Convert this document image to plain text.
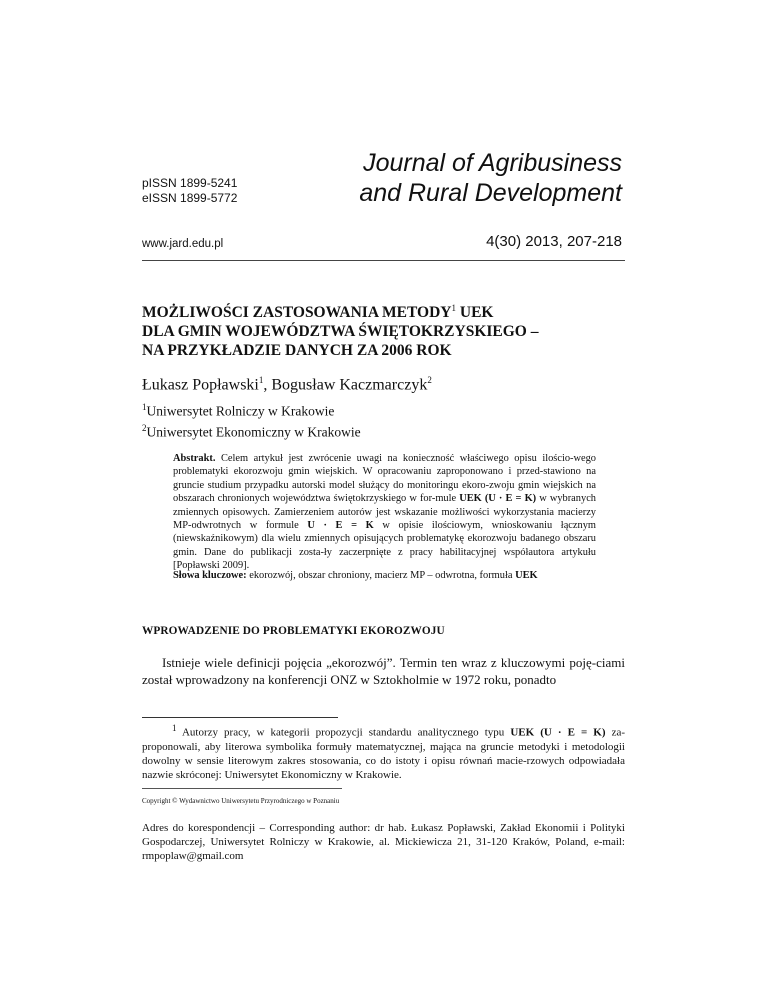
pISSN 1899-5241
eISSN 1899-5772
Journal of Agribusiness
and Rural Development
www.jard.edu.pl	4(30) 2013, 207-218
MOŻLIWOŚCI ZASTOSOWANIA METODY$^1$ UEK
DLA GMIN WOJEWÓDZTWA ŚWIĘTOKRZYSKIEGO –
NA PRZYKŁADZIE DANYCH ZA 2006 ROK
Łukasz Popławski$^1$, Bogusław Kaczmarczyk$^2$
$^1$Uniwersytet Rolniczy w Krakowie
$^2$Uniwersytet Ekonomiczny w Krakowie
Abstrakt. Celem artykuł jest zwrócenie uwagi na konieczność właściwego opisu ilościo-wego problematyki ekorozwoju gmin wiejskich. W opracowaniu zaproponowano i przed-stawiono na gruncie studium przypadku autorski model służący do monitoringu ekoro-zwoju gmin wiejskich na obszarach chronionych województwa świętokrzyskiego w for-mule UEK (U · E = K) w wybranych zmiennych opisowych. Zamierzeniem autorów jest wskazanie możliwości wykorzystania macierzy MP-odwrotnych w formule U · E = K w opisie ilościowym, wnioskowaniu łącznym (niewskaźnikowym) dla wielu zmiennych opisujących problematykę ekorozwoju badanego obszaru gmin. Dane do publikacji zosta-ły zaczerpnięte z pracy habilitacyjnej współautora artykułu [Popławski 2009].
Słowa kluczowe: ekorozwój, obszar chroniony, macierz MP – odwrotna, formuła UEK
WPROWADZENIE DO PROBLEMATYKI EKOROZWOJU
Istnieje wiele definicji pojęcia „ekorozwój”. Termin ten wraz z kluczowymi poję-ciami został wprowadzony na konferencji ONZ w Sztokholmie w 1972 roku, ponadto
$^1$ Autorzy pracy, w kategorii propozycji standardu analitycznego typu UEK (U · E = K) za-proponowali, aby literowa symbolika formuły matematycznej, mająca na gruncie metodyki i metodologii dowolny w sensie literowym zakres stosowania, co do istoty i opisu równań macie-rzowych odpowiadała nazwie skróconej: Uniwersytet Ekonomiczny w Krakowie.
Copyright © Wydawnictwo Uniwersytetu Przyrodniczego w Poznaniu
Adres do korespondencji – Corresponding author: dr hab. Łukasz Popławski, Zakład Ekonomii i Polityki Gospodarczej, Uniwersytet Rolniczy w Krakowie, al. Mickiewicza 21, 31-120 Kraków, Poland, e-mail: rmpoplaw@gmail.com
